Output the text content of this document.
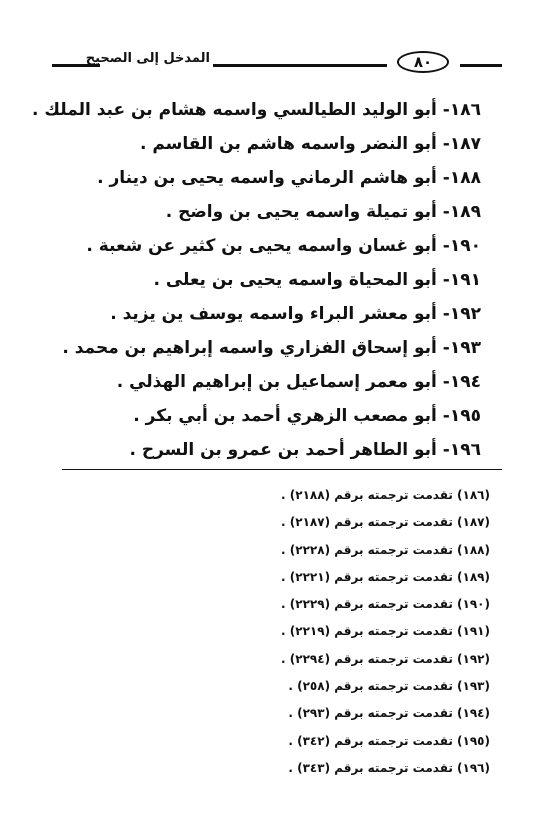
المدخل إلى الصحيح	٨٠
١٨٦- أبو الوليد الطيالسي واسمه هشام بن عبد الملك .
١٨٧- أبو النضر واسمه هاشم بن القاسم .
١٨٨- أبو هاشم الرماني واسمه يحيى بن دينار .
١٨٩- أبو تميلة واسمه يحيى بن واضح .
١٩٠- أبو غسان واسمه يحيى بن كثير عن شعبة .
١٩١- أبو المحياة واسمه يحيى بن يعلى .
١٩٢- أبو معشر البراء واسمه يوسف ين يزيد .
١٩٣- أبو إسحاق الفزاري واسمه إبراهيم بن محمد .
١٩٤- أبو معمر إسماعيل بن إبراهيم الهذلي .
١٩٥- أبو مصعب الزهري أحمد بن أبي بكر .
١٩٦- أبو الطاهر أحمد بن عمرو بن السرح .
(١٨٦) تقدمت ترجمته برقم (٢١٨٨) .
(١٨٧) تقدمت ترجمته برقم (٢١٨٧) .
(١٨٨) تقدمت ترجمته برقم (٢٢٢٨) .
(١٨٩) تقدمت ترجمته برقم (٢٢٢١) .
(١٩٠) تقدمت ترجمته برقم (٢٢٢٩) .
(١٩١) تقدمت ترجمته برقم (٢٢١٩) .
(١٩٢) تقدمت ترجمته برقم (٢٢٩٤) .
(١٩٣) تقدمت ترجمته برقم (٢٥٨) .
(١٩٤) تقدمت ترجمته برقم (٢٩٣) .
(١٩٥) تقدمت ترجمته برقم (٣٤٢) .
(١٩٦) تقدمت ترجمته برقم (٣٤٣) .
